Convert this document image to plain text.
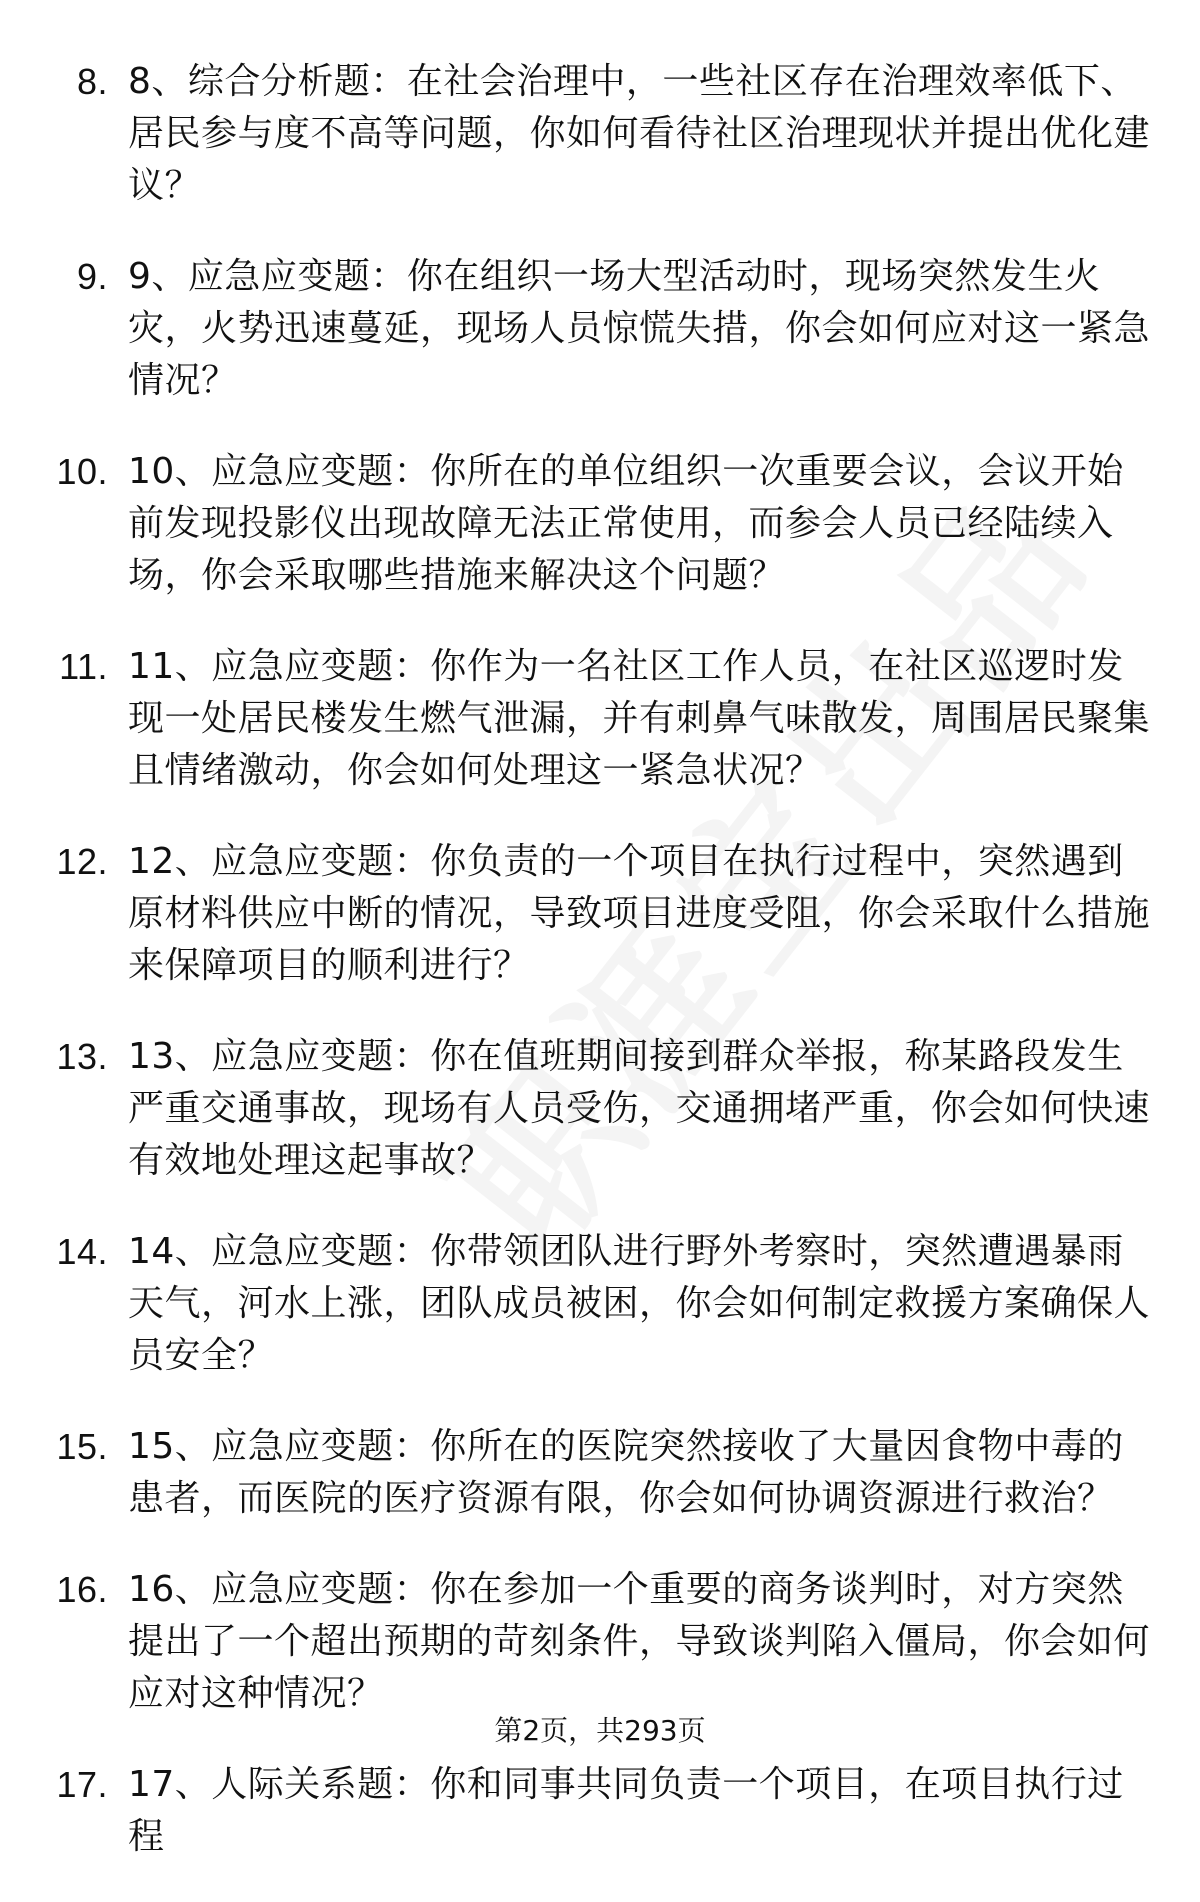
8. 8、综合分析题：在社会治理中，一些社区存在治理效率低下、居民参与度不高等问题，你如何看待社区治理现状并提出优化建议？
9. 9、应急应变题：你在组织一场大型活动时，现场突然发生火灾，火势迅速蔓延，现场人员惊慌失措，你会如何应对这一紧急情况？
10. 10、应急应变题：你所在的单位组织一次重要会议，会议开始前发现投影仪出现故障无法正常使用，而参会人员已经陆续入场，你会采取哪些措施来解决这个问题？
11. 11、应急应变题：你作为一名社区工作人员，在社区巡逻时发现一处居民楼发生燃气泄漏，并有刺鼻气味散发，周围居民聚集且情绪激动，你会如何处理这一紧急状况？
12. 12、应急应变题：你负责的一个项目在执行过程中，突然遇到原材料供应中断的情况，导致项目进度受阻，你会采取什么措施来保障项目的顺利进行？
13. 13、应急应变题：你在值班期间接到群众举报，称某路段发生严重交通事故，现场有人员受伤，交通拥堵严重，你会如何快速有效地处理这起事故？
14. 14、应急应变题：你带领团队进行野外考察时，突然遭遇暴雨天气，河水上涨，团队成员被困，你会如何制定救援方案确保人员安全？
15. 15、应急应变题：你所在的医院突然接收了大量因食物中毒的患者，而医院的医疗资源有限，你会如何协调资源进行救治？
16. 16、应急应变题：你在参加一个重要的商务谈判时，对方突然提出了一个超出预期的苛刻条件，导致谈判陷入僵局，你会如何应对这种情况？
17. 17、人际关系题：你和同事共同负责一个项目，在项目执行过程
第2页，共293页
